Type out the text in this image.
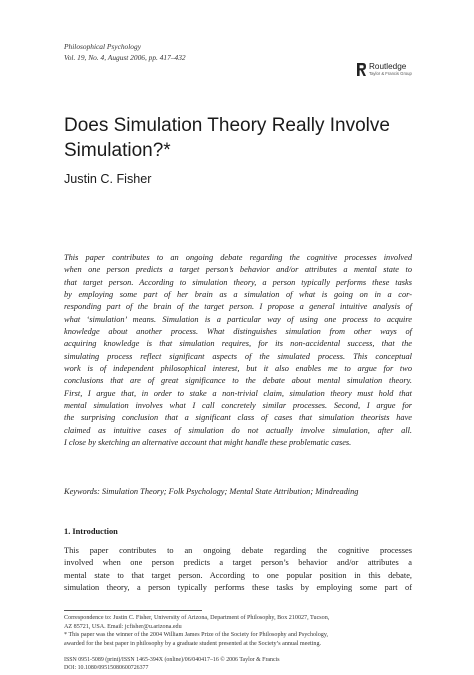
Philosophical Psychology
Vol. 19, No. 4, August 2006, pp. 417–432
Routledge
Taylor & Francis Group
Does Simulation Theory Really Involve
Simulation?*
Justin C. Fisher
This paper contributes to an ongoing debate regarding the cognitive processes involved
when one person predicts a target person’s behavior and/or attributes a mental state to
that target person. According to simulation theory, a person typically performs these tasks
by employing some part of her brain as a simulation of what is going on in a cor-
responding part of the brain of the target person. I propose a general intuitive analysis of
what ‘simulation’ means. Simulation is a particular way of using one process to acquire
knowledge about another process. What distinguishes simulation from other ways of
acquiring knowledge is that simulation requires, for its non-accidental success, that the
simulating process reflect significant aspects of the simulated process. This conceptual
work is of independent philosophical interest, but it also enables me to argue for two
conclusions that are of great significance to the debate about mental simulation theory.
First, I argue that, in order to stake a non-trivial claim, simulation theory must hold that
mental simulation involves what I call concretely similar processes. Second, I argue for
the surprising conclusion that a significant class of cases that simulation theorists have
claimed as intuitive cases of simulation do not actually involve simulation, after all.
I close by sketching an alternative account that might handle these problematic cases.
Keywords: Simulation Theory; Folk Psychology; Mental State Attribution; Mindreading
1. Introduction
This paper contributes to an ongoing debate regarding the cognitive processes
involved when one person predicts a target person’s behavior and/or attributes a
mental state to that target person. According to one popular position in this debate,
simulation theory, a person typically performs these tasks by employing some part of
Correspondence to: Justin C. Fisher, University of Arizona, Department of Philosophy, Box 210027, Tucson,
AZ 85721, USA. Email: jcfisher@u.arizona.edu
* This paper was the winner of the 2004 William James Prize of the Society for Philosophy and Psychology,
awarded for the best paper in philosophy by a graduate student presented at the Society’s annual meeting.
ISSN 0951-5089 (print)/ISSN 1465-394X (online)/06/040417–16 © 2006 Taylor & Francis
DOI: 10.1080/09515080600726377
